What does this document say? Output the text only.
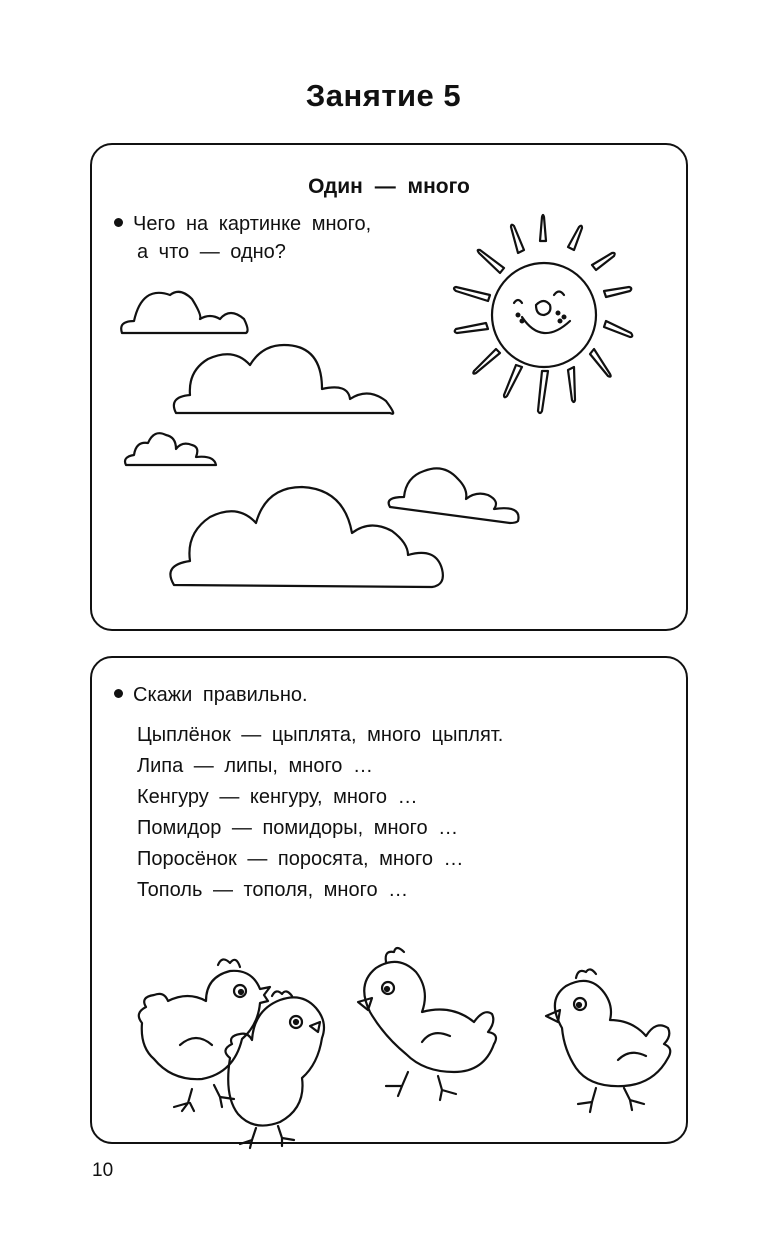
Занятие 5
Один — много
Чего на картинке много,
а что — одно?
Скажи правильно.
Цыплёнок — цыплята, много цыплят.
Липа — липы, много …
Кенгуру — кенгуру, много …
Помидор — помидоры, много …
Поросёнок — поросята, много …
Тополь — тополя, много …
10
